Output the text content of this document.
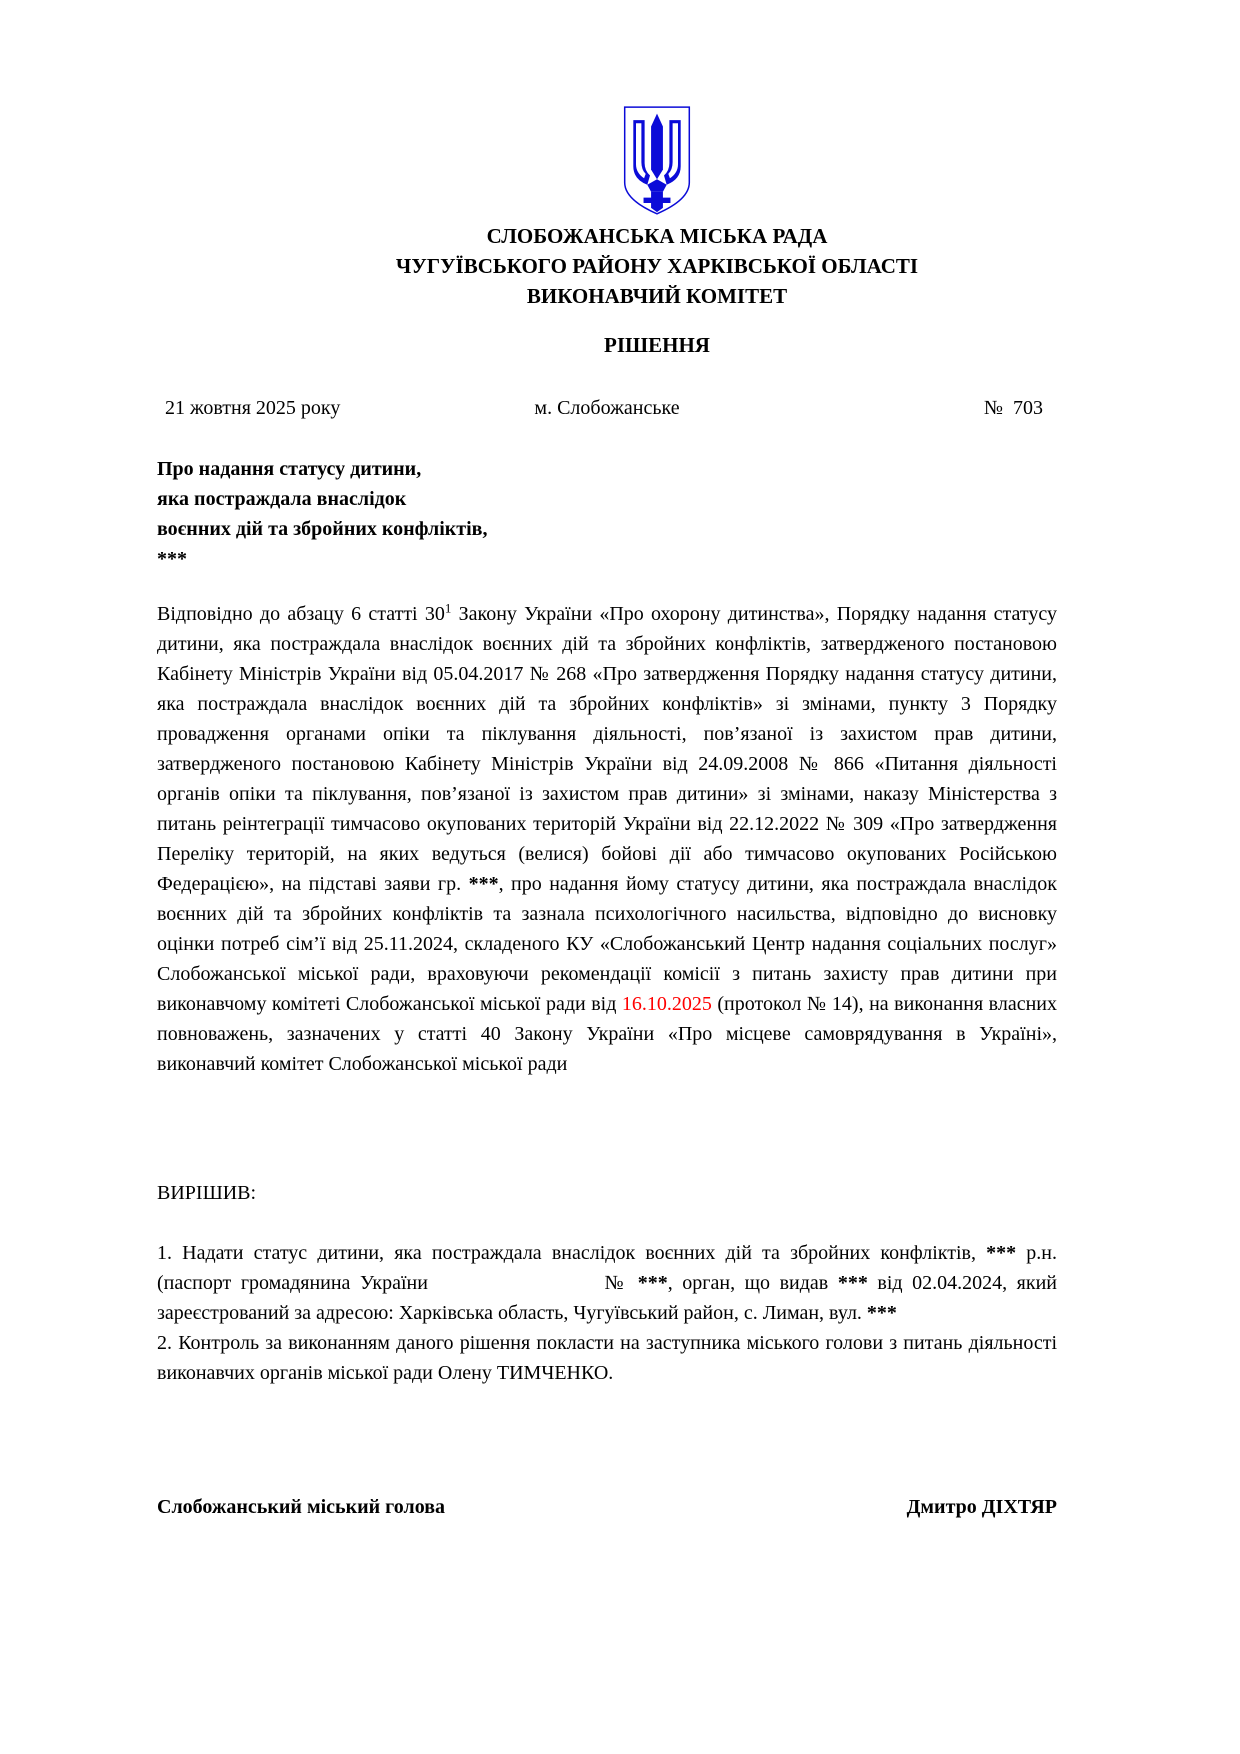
СЛОБОЖАНСЬКА МІСЬКА РАДА
ЧУГУЇВСЬКОГО РАЙОНУ ХАРКІВСЬКОЇ ОБЛАСТІ
ВИКОНАВЧИЙ КОМІТЕТ
РІШЕННЯ
21 жовтня 2025 року	м. Слобожанське	№  703
Про надання статусу дитини,
яка постраждала внаслідок
воєнних дій та збройних конфліктів,
***

Відповідно до абзацу 6 статті $30^1$ Закону України «Про охорону дитинства», Порядку надання статусу дитини, яка постраждала внаслідок воєнних дій та збройних конфліктів, затвердженого постановою Кабінету Міністрів України від 05.04.2017 № 268 «Про затвердження Порядку надання статусу дитини, яка постраждала внаслідок воєнних дій та збройних конфліктів» зі змінами, пункту 3 Порядку провадження органами опіки та піклування діяльності, пов’язаної із захистом прав дитини, затвердженого постановою Кабінету Міністрів України від 24.09.2008 № 866 «Питання діяльності органів опіки та піклування, пов’язаної із захистом прав дитини» зі змінами, наказу Міністерства з питань реінтеграції тимчасово окупованих територій України від 22.12.2022 № 309 «Про затвердження Переліку територій, на яких ведуться (велися) бойові дії або тимчасово окупованих Російською Федерацією», на підставі заяви гр. ***, про надання йому статусу дитини, яка постраждала внаслідок воєнних дій та збройних конфліктів та зазнала психологічного насильства, відповідно до висновку оцінки потреб сім’ї від 25.11.2024, складеного КУ «Слобожанський Центр надання соціальних послуг» Слобожанської міської ради, враховуючи рекомендації комісії з питань захисту прав дитини при виконавчому комітеті Слобожанської міської ради від 16.10.2025 (протокол № 14), на виконання власних повноважень, зазначених у статті 40 Закону України «Про місцеве самоврядування в Україні», виконавчий комітет Слобожанської міської ради

ВИРІШИВ:

1. Надати статус дитини, яка постраждала внаслідок воєнних дій та збройних конфліктів, *** р.н. (паспорт громадянина України	№ ***, орган, що видав *** від 02.04.2024, який зареєстрований за адресою: Харківська область, Чугуївський район, с. Лиман, вул. ***

2. Контроль за виконанням даного рішення покласти на заступника міського голови з питань діяльності виконавчих органів міської ради Олену ТИМЧЕНКО.

Слобожанський міський голова	Дмитро ДІХТЯР
